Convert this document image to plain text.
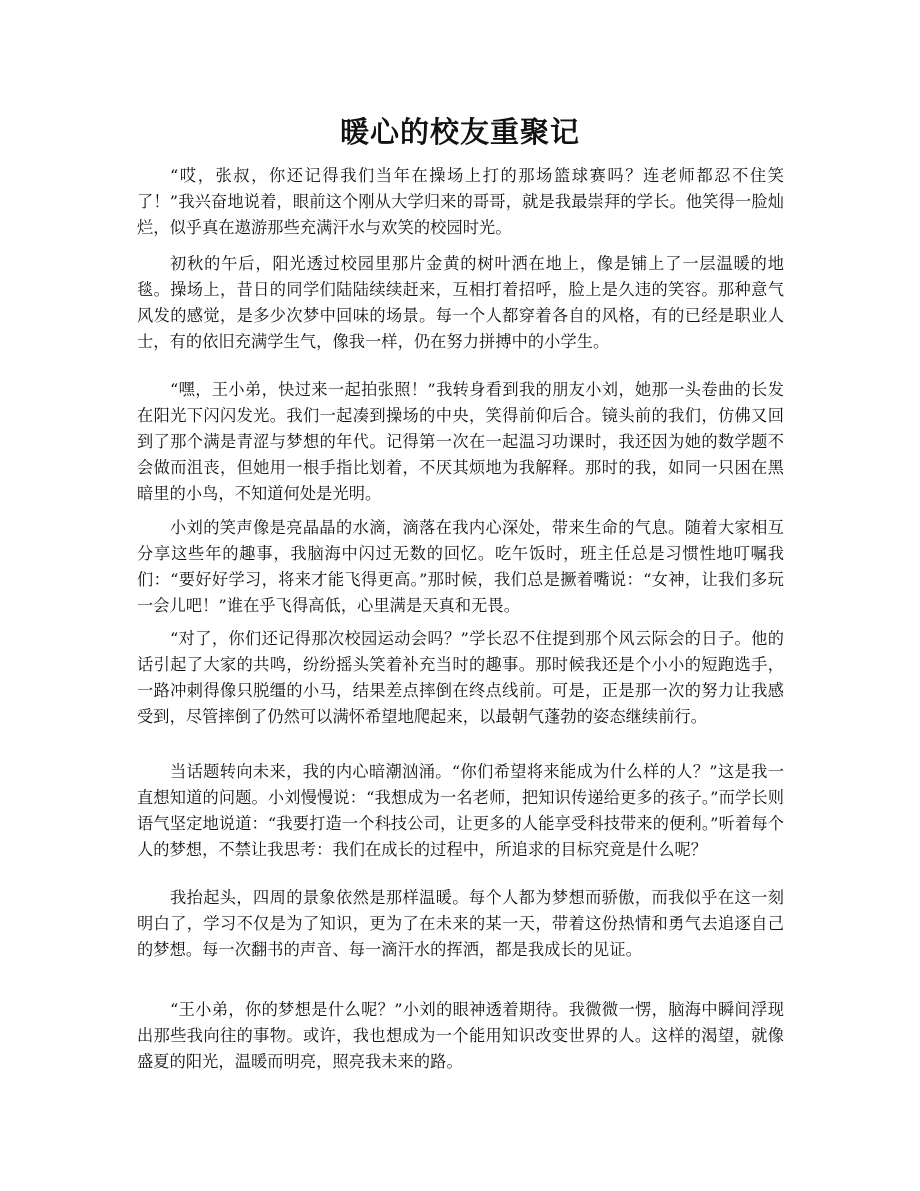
暖心的校友重聚记

“哎，张叔，你还记得我们当年在操场上打的那场篮球赛吗？连老师都忍不住笑了！”我兴奋地说着，眼前这个刚从大学归来的哥哥，就是我最崇拜的学长。他笑得一脸灿烂，似乎真在遨游那些充满汗水与欢笑的校园时光。

初秋的午后，阳光透过校园里那片金黄的树叶洒在地上，像是铺上了一层温暖的地毯。操场上，昔日的同学们陆陆续续赶来，互相打着招呼，脸上是久违的笑容。那种意气风发的感觉，是多少次梦中回味的场景。每一个人都穿着各自的风格，有的已经是职业人士，有的依旧充满学生气，像我一样，仍在努力拼搏中的小学生。

“嘿，王小弟，快过来一起拍张照！”我转身看到我的朋友小刘，她那一头卷曲的长发在阳光下闪闪发光。我们一起凑到操场的中央，笑得前仰后合。镜头前的我们，仿佛又回到了那个满是青涩与梦想的年代。记得第一次在一起温习功课时，我还因为她的数学题不会做而沮丧，但她用一根手指比划着，不厌其烦地为我解释。那时的我，如同一只困在黑暗里的小鸟，不知道何处是光明。

小刘的笑声像是亮晶晶的水滴，滴落在我内心深处，带来生命的气息。随着大家相互分享这些年的趣事，我脑海中闪过无数的回忆。吃午饭时，班主任总是习惯性地叮嘱我们：“要好好学习，将来才能飞得更高。”那时候，我们总是撅着嘴说：“女神，让我们多玩一会儿吧！”谁在乎飞得高低，心里满是天真和无畏。

“对了，你们还记得那次校园运动会吗？”学长忍不住提到那个风云际会的日子。他的话引起了大家的共鸣，纷纷摇头笑着补充当时的趣事。那时候我还是个小小的短跑选手，一路冲刺得像只脱缰的小马，结果差点摔倒在终点线前。可是，正是那一次的努力让我感受到，尽管摔倒了仍然可以满怀希望地爬起来，以最朝气蓬勃的姿态继续前行。

当话题转向未来，我的内心暗潮汹涌。“你们希望将来能成为什么样的人？”这是我一直想知道的问题。小刘慢慢说：“我想成为一名老师，把知识传递给更多的孩子。”而学长则语气坚定地说道：“我要打造一个科技公司，让更多的人能享受科技带来的便利。”听着每个人的梦想，不禁让我思考：我们在成长的过程中，所追求的目标究竟是什么呢？

我抬起头，四周的景象依然是那样温暖。每个人都为梦想而骄傲，而我似乎在这一刻明白了，学习不仅是为了知识，更为了在未来的某一天，带着这份热情和勇气去追逐自己的梦想。每一次翻书的声音、每一滴汗水的挥洒，都是我成长的见证。

“王小弟，你的梦想是什么呢？”小刘的眼神透着期待。我微微一愣，脑海中瞬间浮现出那些我向往的事物。或许，我也想成为一个能用知识改变世界的人。这样的渴望，就像盛夏的阳光，温暖而明亮，照亮我未来的路。
